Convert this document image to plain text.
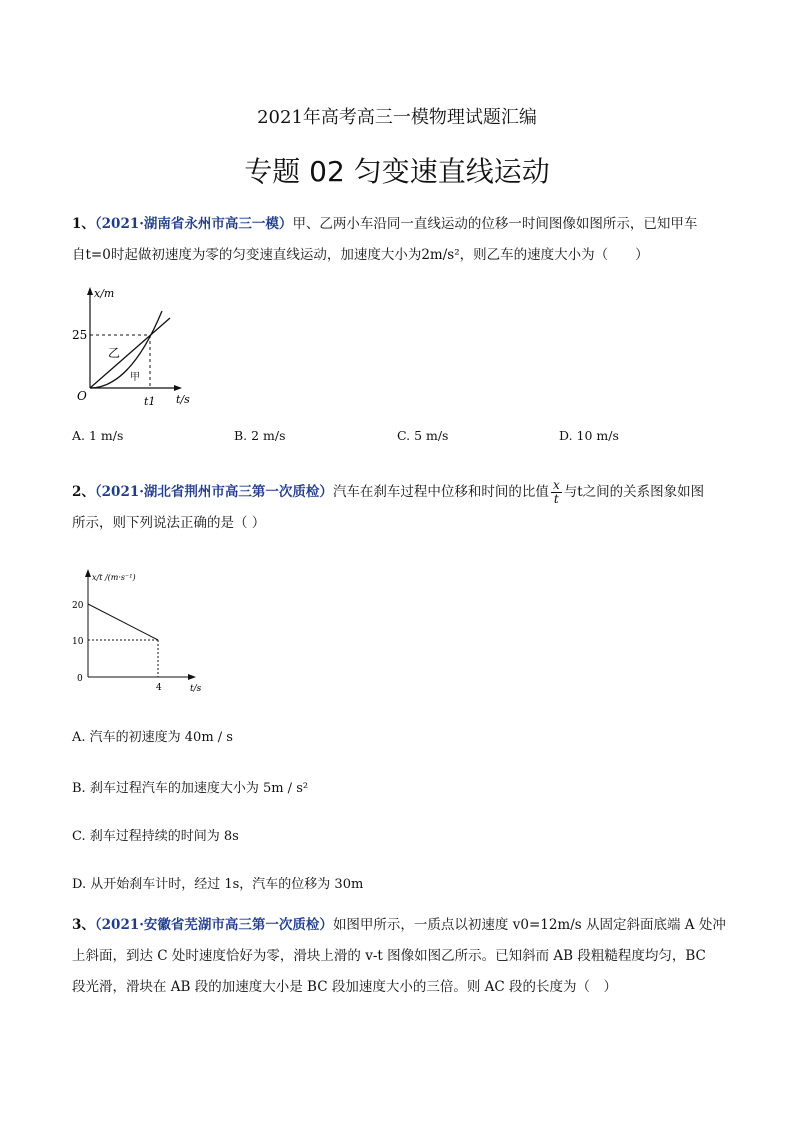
2021年高考高三一模物理试题汇编
专题 02 匀变速直线运动
1、（2021·湖南省永州市高三一模）甲、乙两小车沿同一直线运动的位移一时间图像如图所示，已知甲车
自t=0时起做初速度为零的匀变速直线运动，加速度大小为2m/s²，则乙车的速度大小为（　　）
x/m
25
O	t1 t/s
乙
甲
A. 1 m/s	B. 2 m/s	C. 5 m/s	D. 10 m/s
2、（2021·湖北省荆州市高三第一次质检）汽车在刹车过程中位移和时间的比值 $\frac{x}{t}$ 与t之间的关系图象如图
所示，则下列说法正确的是（ ）
x/t /(m·s⁻¹)
20
10
0
4	t/s
A. 汽车的初速度为 40m / s
B. 刹车过程汽车的加速度大小为 5m / s²
C. 刹车过程持续的时间为 8s
D. 从开始刹车计时，经过 1s，汽车的位移为 30m
3、（2021·安徽省芜湖市高三第一次质检）如图甲所示，一质点以初速度 v0=12m/s 从固定斜面底端 A 处冲
上斜面，到达 C 处时速度恰好为零，滑块上滑的 v-t 图像如图乙所示。已知斜而 AB 段粗糙程度均匀，BC
段光滑，滑块在 AB 段的加速度大小是 BC 段加速度大小的三倍。则 AC 段的长度为（　）
